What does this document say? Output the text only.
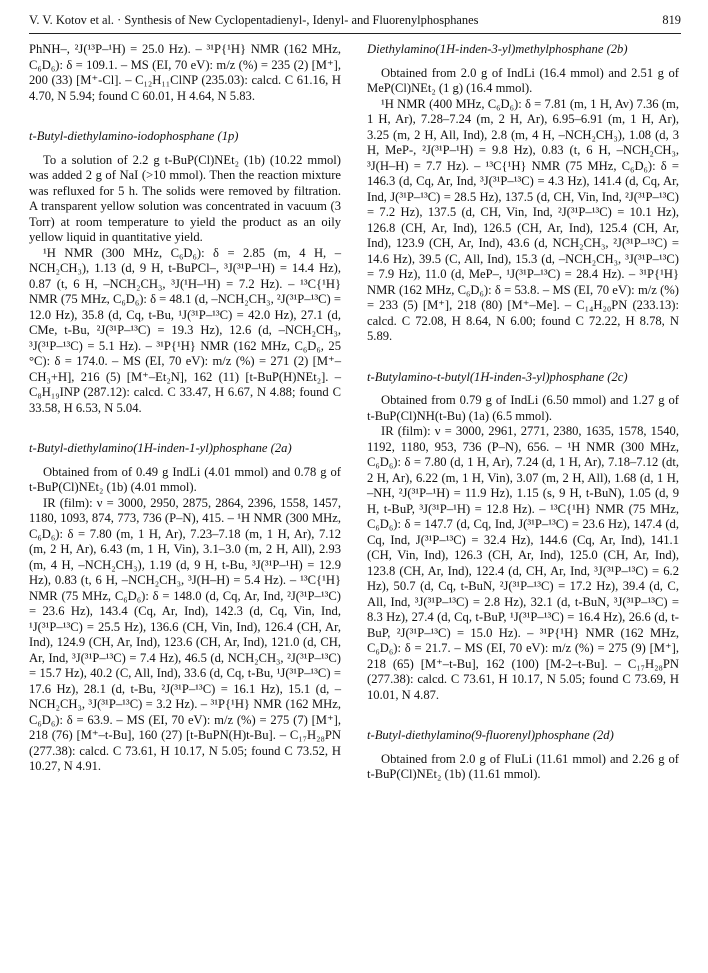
V. V. Kotov et al. · Synthesis of New Cyclopentadienyl-, Idenyl- and Fluorenylphosphanes	819

PhNH–, ²J(¹³P–¹H) = 25.0 Hz). – ³¹P{¹H} NMR (162 MHz, C₆D₆): δ = 109.1. – MS (EI, 70 eV): m/z (%) = 235 (2) [M⁺], 200 (33) [M⁺-Cl]. – C₁₂H₁₁ClNP (235.03): calcd. C 61.16, H 4.70, N 5.94; found C 60.01, H 4.64, N 5.83.

t-Butyl-diethylamino-iodophosphane (1p)

To a solution of 2.2 g t-BuP(Cl)NEt₂ (1b) (10.22 mmol) was added 2 g of NaI (>10 mmol). Then the reaction mixture was refluxed for 5 h. The solids were removed by filtration. A transparent yellow solution was concentrated in vacuum (3 Torr) at room temperature to yield the product as an oily yellow liquid in quantitative yield.

¹H NMR (300 MHz, C₆D₆): δ = 2.85 (m, 4 H, –NCH₂CH₃), 1.13 (d, 9 H, t-BuPCl–, ³J(³¹P–¹H) = 14.4 Hz), 0.87 (t, 6 H, –NCH₂CH₃, ³J(¹H–¹H) = 7.2 Hz). – ¹³C{¹H} NMR (75 MHz, C₆D₆): δ = 48.1 (d, –NCH₂CH₃, ²J(³¹P–¹³C) = 12.0 Hz), 35.8 (d, Cq, t-Bu, ¹J(³¹P–¹³C) = 42.0 Hz), 27.1 (d, CMe, t-Bu, ²J(³¹P–¹³C) = 19.3 Hz), 12.6 (d, –NCH₂CH₃, ³J(³¹P–¹³C) = 5.1 Hz). – ³¹P{¹H} NMR (162 MHz, C₆D₆, 25 °C): δ = 174.0. – MS (EI, 70 eV): m/z (%) = 271 (2) [M⁺–CH₃+H], 216 (5) [M⁺–Et₂N], 162 (11) [t-BuP(H)NEt₂]. – C₈H₁₉INP (287.12): calcd. C 33.47, H 6.67, N 4.88; found C 33.58, H 6.53, N 5.04.

t-Butyl-diethylamino(1H-inden-1-yl)phosphane (2a)

Obtained from of 0.49 g IndLi (4.01 mmol) and 0.78 g of t-BuP(Cl)NEt₂ (1b) (4.01 mmol).

IR (film): ν = 3000, 2950, 2875, 2864, 2396, 1558, 1457, 1180, 1093, 874, 773, 736 (P–N), 415. – ¹H NMR (300 MHz, C₆D₆): δ = 7.80 (m, 1 H, Ar), 7.23–7.18 (m, 1 H, Ar), 7.12 (m, 2 H, Ar), 6.43 (m, 1 H, Vin), 3.1–3.0 (m, 2 H, All), 2.93 (m, 4 H, –NCH₂CH₃), 1.19 (d, 9 H, t-Bu, ³J(³¹P–¹H) = 12.9 Hz), 0.83 (t, 6 H, –NCH₂CH₃, ³J(H–H) = 5.4 Hz). – ¹³C{¹H} NMR (75 MHz, C₆D₆): δ = 148.0 (d, Cq, Ar, Ind, ²J(³¹P–¹³C) = 23.6 Hz), 143.4 (Cq, Ar, Ind), 142.3 (d, Cq, Vin, Ind, ¹J(³¹P–¹³C) = 25.5 Hz), 136.6 (CH, Vin, Ind), 126.4 (CH, Ar, Ind), 124.9 (CH, Ar, Ind), 123.6 (CH, Ar, Ind), 121.0 (d, CH, Ar, Ind, ³J(³¹P–¹³C) = 7.4 Hz), 46.5 (d, NCH₂CH₃, ²J(³¹P–¹³C) = 15.7 Hz), 40.2 (C, All, Ind), 33.6 (d, Cq, t-Bu, ¹J(³¹P–¹³C) = 17.6 Hz), 28.1 (d, t-Bu, ²J(³¹P–¹³C) = 16.1 Hz), 15.1 (d, –NCH₂CH₃, ³J(³¹P–¹³C) = 3.2 Hz). – ³¹P{¹H} NMR (162 MHz, C₆D₆): δ = 63.9. – MS (EI, 70 eV): m/z (%) = 275 (7) [M⁺], 218 (76) [M⁺–t-Bu], 160 (27) [t-BuPN(H)t-Bu]. – C₁₇H₂₈PN (277.38): calcd. C 73.61, H 10.17, N 5.05; found C 73.52, H 10.27, N 4.91.

Diethylamino(1H-inden-3-yl)methylphosphane (2b)

Obtained from 2.0 g of IndLi (16.4 mmol) and 2.51 g of MeP(Cl)NEt₂ (1 g) (16.4 mmol).

¹H NMR (400 MHz, C₆D₆): δ = 7.81 (m, 1 H, Av) 7.36 (m, 1 H, Ar), 7.28–7.24 (m, 2 H, Ar), 6.95–6.91 (m, 1 H, Ar), 3.25 (m, 2 H, All, Ind), 2.8 (m, 4 H, –NCH₂CH₃), 1.08 (d, 3 H, MeP-, ²J(³¹P–¹H) = 9.8 Hz), 0.83 (t, 6 H, –NCH₂CH₃, ³J(H–H) = 7.7 Hz). – ¹³C{¹H} NMR (75 MHz, C₆D₆): δ = 146.3 (d, Cq, Ar, Ind, ³J(³¹P–¹³C) = 4.3 Hz), 141.4 (d, Cq, Ar, Ind, J(³¹P–¹³C) = 28.5 Hz), 137.5 (d, CH, Vin, Ind, ²J(³¹P–¹³C) = 7.2 Hz), 137.5 (d, CH, Vin, Ind, ²J(³¹P–¹³C) = 10.1 Hz), 126.8 (CH, Ar, Ind), 126.5 (CH, Ar, Ind), 125.4 (CH, Ar, Ind), 123.9 (CH, Ar, Ind), 43.6 (d, NCH₂CH₃, ²J(³¹P–¹³C) = 14.6 Hz), 39.5 (C, All, Ind), 15.3 (d, –NCH₂CH₃, ³J(³¹P–¹³C) = 7.9 Hz), 11.0 (d, MeP–, ¹J(³¹P–¹³C) = 28.4 Hz). – ³¹P{¹H} NMR (162 MHz, C₆D₆): δ = 53.8. – MS (EI, 70 eV): m/z (%) = 233 (5) [M⁺], 218 (80) [M⁺–Me]. – C₁₄H₂₀PN (233.13): calcd. C 72.08, H 8.64, N 6.00; found C 72.22, H 8.78, N 5.89.

t-Butylamino-t-butyl(1H-inden-3-yl)phosphane (2c)

Obtained from 0.79 g of IndLi (6.50 mmol) and 1.27 g of t-BuP(Cl)NH(t-Bu) (1a) (6.5 mmol).

IR (film): ν = 3000, 2961, 2771, 2380, 1635, 1578, 1540, 1192, 1180, 953, 736 (P–N), 656. – ¹H NMR (300 MHz, C₆D₆): δ = 7.80 (d, 1 H, Ar), 7.24 (d, 1 H, Ar), 7.18–7.12 (dt, 2 H, Ar), 6.22 (m, 1 H, Vin), 3.07 (m, 2 H, All), 1.68 (d, 1 H, –NH, ²J(³¹P–¹H) = 11.9 Hz), 1.15 (s, 9 H, t-BuN), 1.05 (d, 9 H, t-BuP, ³J(³¹P–¹H) = 12.8 Hz). – ¹³C{¹H} NMR (75 MHz, C₆D₆): δ = 147.7 (d, Cq, Ind, J(³¹P–¹³C) = 23.6 Hz), 147.4 (d, Cq, Ind, J(³¹P–¹³C) = 32.4 Hz), 144.6 (Cq, Ar, Ind), 141.1 (CH, Vin, Ind), 126.3 (CH, Ar, Ind), 125.0 (CH, Ar, Ind), 123.8 (CH, Ar, Ind), 122.4 (d, CH, Ar, Ind, ³J(³¹P–¹³C) = 6.2 Hz), 50.7 (d, Cq, t-BuN, ²J(³¹P–¹³C) = 17.2 Hz), 39.4 (d, C, All, Ind, ³J(³¹P–¹³C) = 2.8 Hz), 32.1 (d, t-BuN, ³J(³¹P–¹³C) = 8.3 Hz), 27.4 (d, Cq, t-BuP, ¹J(³¹P–¹³C) = 16.4 Hz), 26.6 (d, t-BuP, ²J(³¹P–¹³C) = 15.0 Hz). – ³¹P{¹H} NMR (162 MHz, C₆D₆): δ = 21.7. – MS (EI, 70 eV): m/z (%) = 275 (9) [M⁺], 218 (65) [M⁺–t-Bu], 162 (100) [M-2–t-Bu]. – C₁₇H₂₈PN (277.38): calcd. C 73.61, H 10.17, N 5.05; found C 73.69, H 10.01, N 4.87.

t-Butyl-diethylamino(9-fluorenyl)phosphane (2d)

Obtained from 2.0 g of FluLi (11.61 mmol) and 2.26 g of t-BuP(Cl)NEt₂ (1b) (11.61 mmol).
